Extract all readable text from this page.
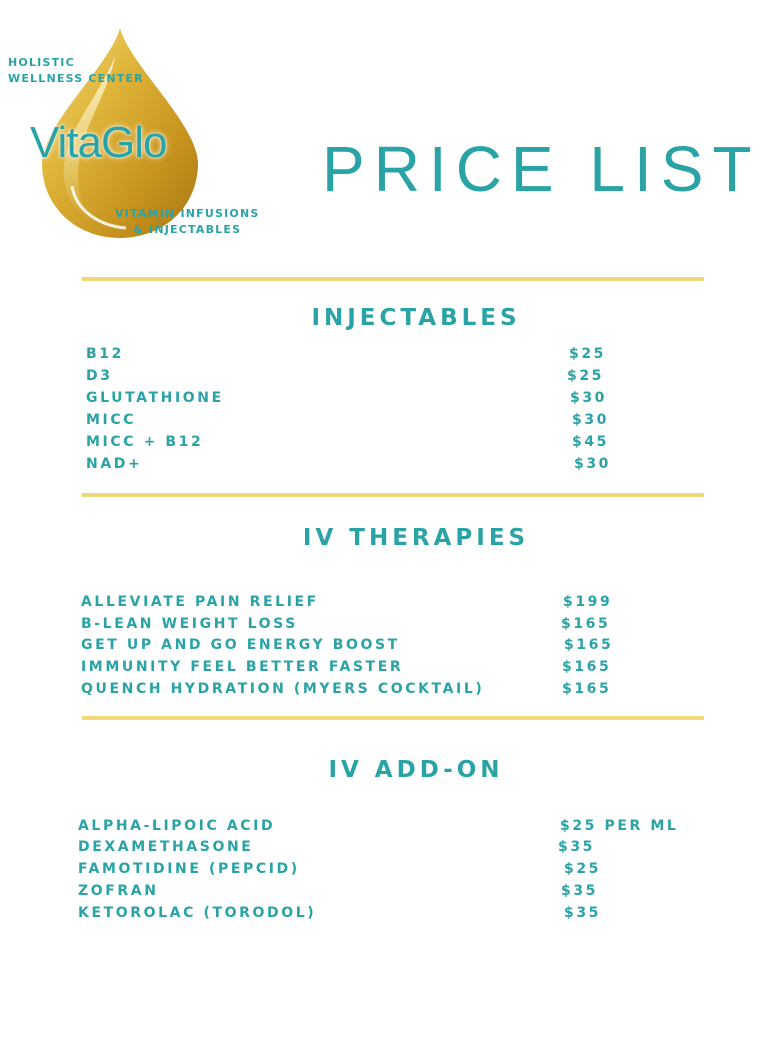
HOLISTIC
WELLNESS CENTER
VitaGlo
VITAMIN INFUSIONS
& INJECTABLES
PRICE LIST
INJECTABLES
B12	$25
D3	$25
GLUTATHIONE	$30
MICC	$30
MICC + B12	$45
NAD+	$30
IV THERAPIES
ALLEVIATE PAIN RELIEF	$199
B-LEAN WEIGHT LOSS	$165
GET UP AND GO ENERGY BOOST	$165
IMMUNITY FEEL BETTER FASTER	$165
QUENCH HYDRATION (MYERS COCKTAIL)	$165
IV ADD-ON
ALPHA-LIPOIC ACID	$25 PER ML
DEXAMETHASONE	$35
FAMOTIDINE (PEPCID)	$25
ZOFRAN	$35
KETOROLAC (TORODOL)	$35
